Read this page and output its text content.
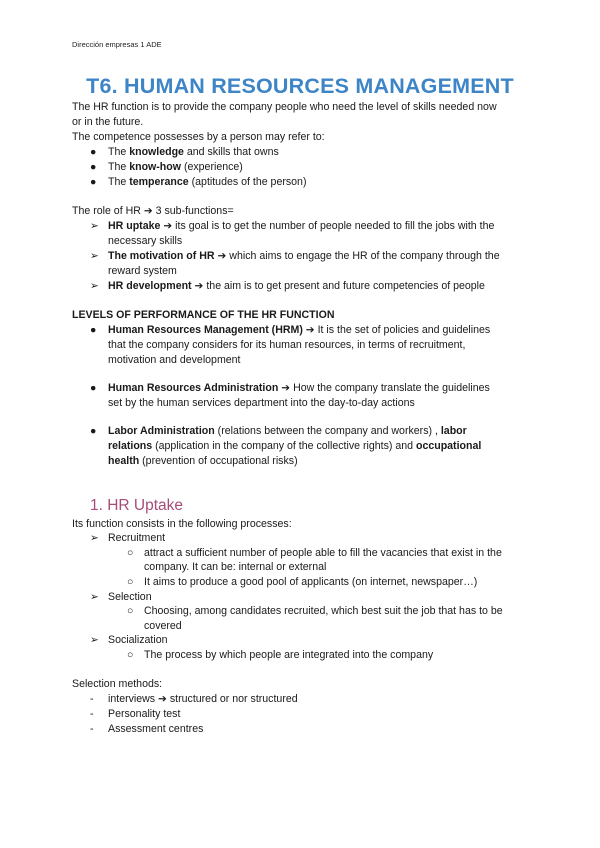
Dirección empresas 1 ADE
T6. HUMAN RESOURCES MANAGEMENT
The HR function is to provide the company people who need the level of skills needed now
or in the future.
The competence possesses by a person may refer to:
● The knowledge and skills that owns
● The know-how (experience)
● The temperance (aptitudes of the person)
The role of HR ➔ 3 sub-functions=
➢ HR uptake ➔ its goal is to get the number of people needed to fill the jobs with the
necessary skills
➢ The motivation of HR ➔ which aims to engage the HR of the company through the
reward system
➢ HR development ➔ the aim is to get present and future competencies of people
LEVELS OF PERFORMANCE OF THE HR FUNCTION
● Human Resources Management (HRM) ➔ It is the set of policies and guidelines
that the company considers for its human resources, in terms of recruitment,
motivation and development
● Human Resources Administration ➔ How the company translate the guidelines
set by the human services department into the day-to-day actions
● Labor Administration (relations between the company and workers) , labor
relations (application in the company of the collective rights) and occupational
health (prevention of occupational risks)
1. HR Uptake
Its function consists in the following processes:
➢ Recruitment
○ attract a sufficient number of people able to fill the vacancies that exist in the
company. It can be: internal or external
○ It aims to produce a good pool of applicants (on internet, newspaper…)
➢ Selection
○ Choosing, among candidates recruited, which best suit the job that has to be
covered
➢ Socialization
○ The process by which people are integrated into the company
Selection methods:
- interviews ➔ structured or nor structured
- Personality test
- Assessment centres
